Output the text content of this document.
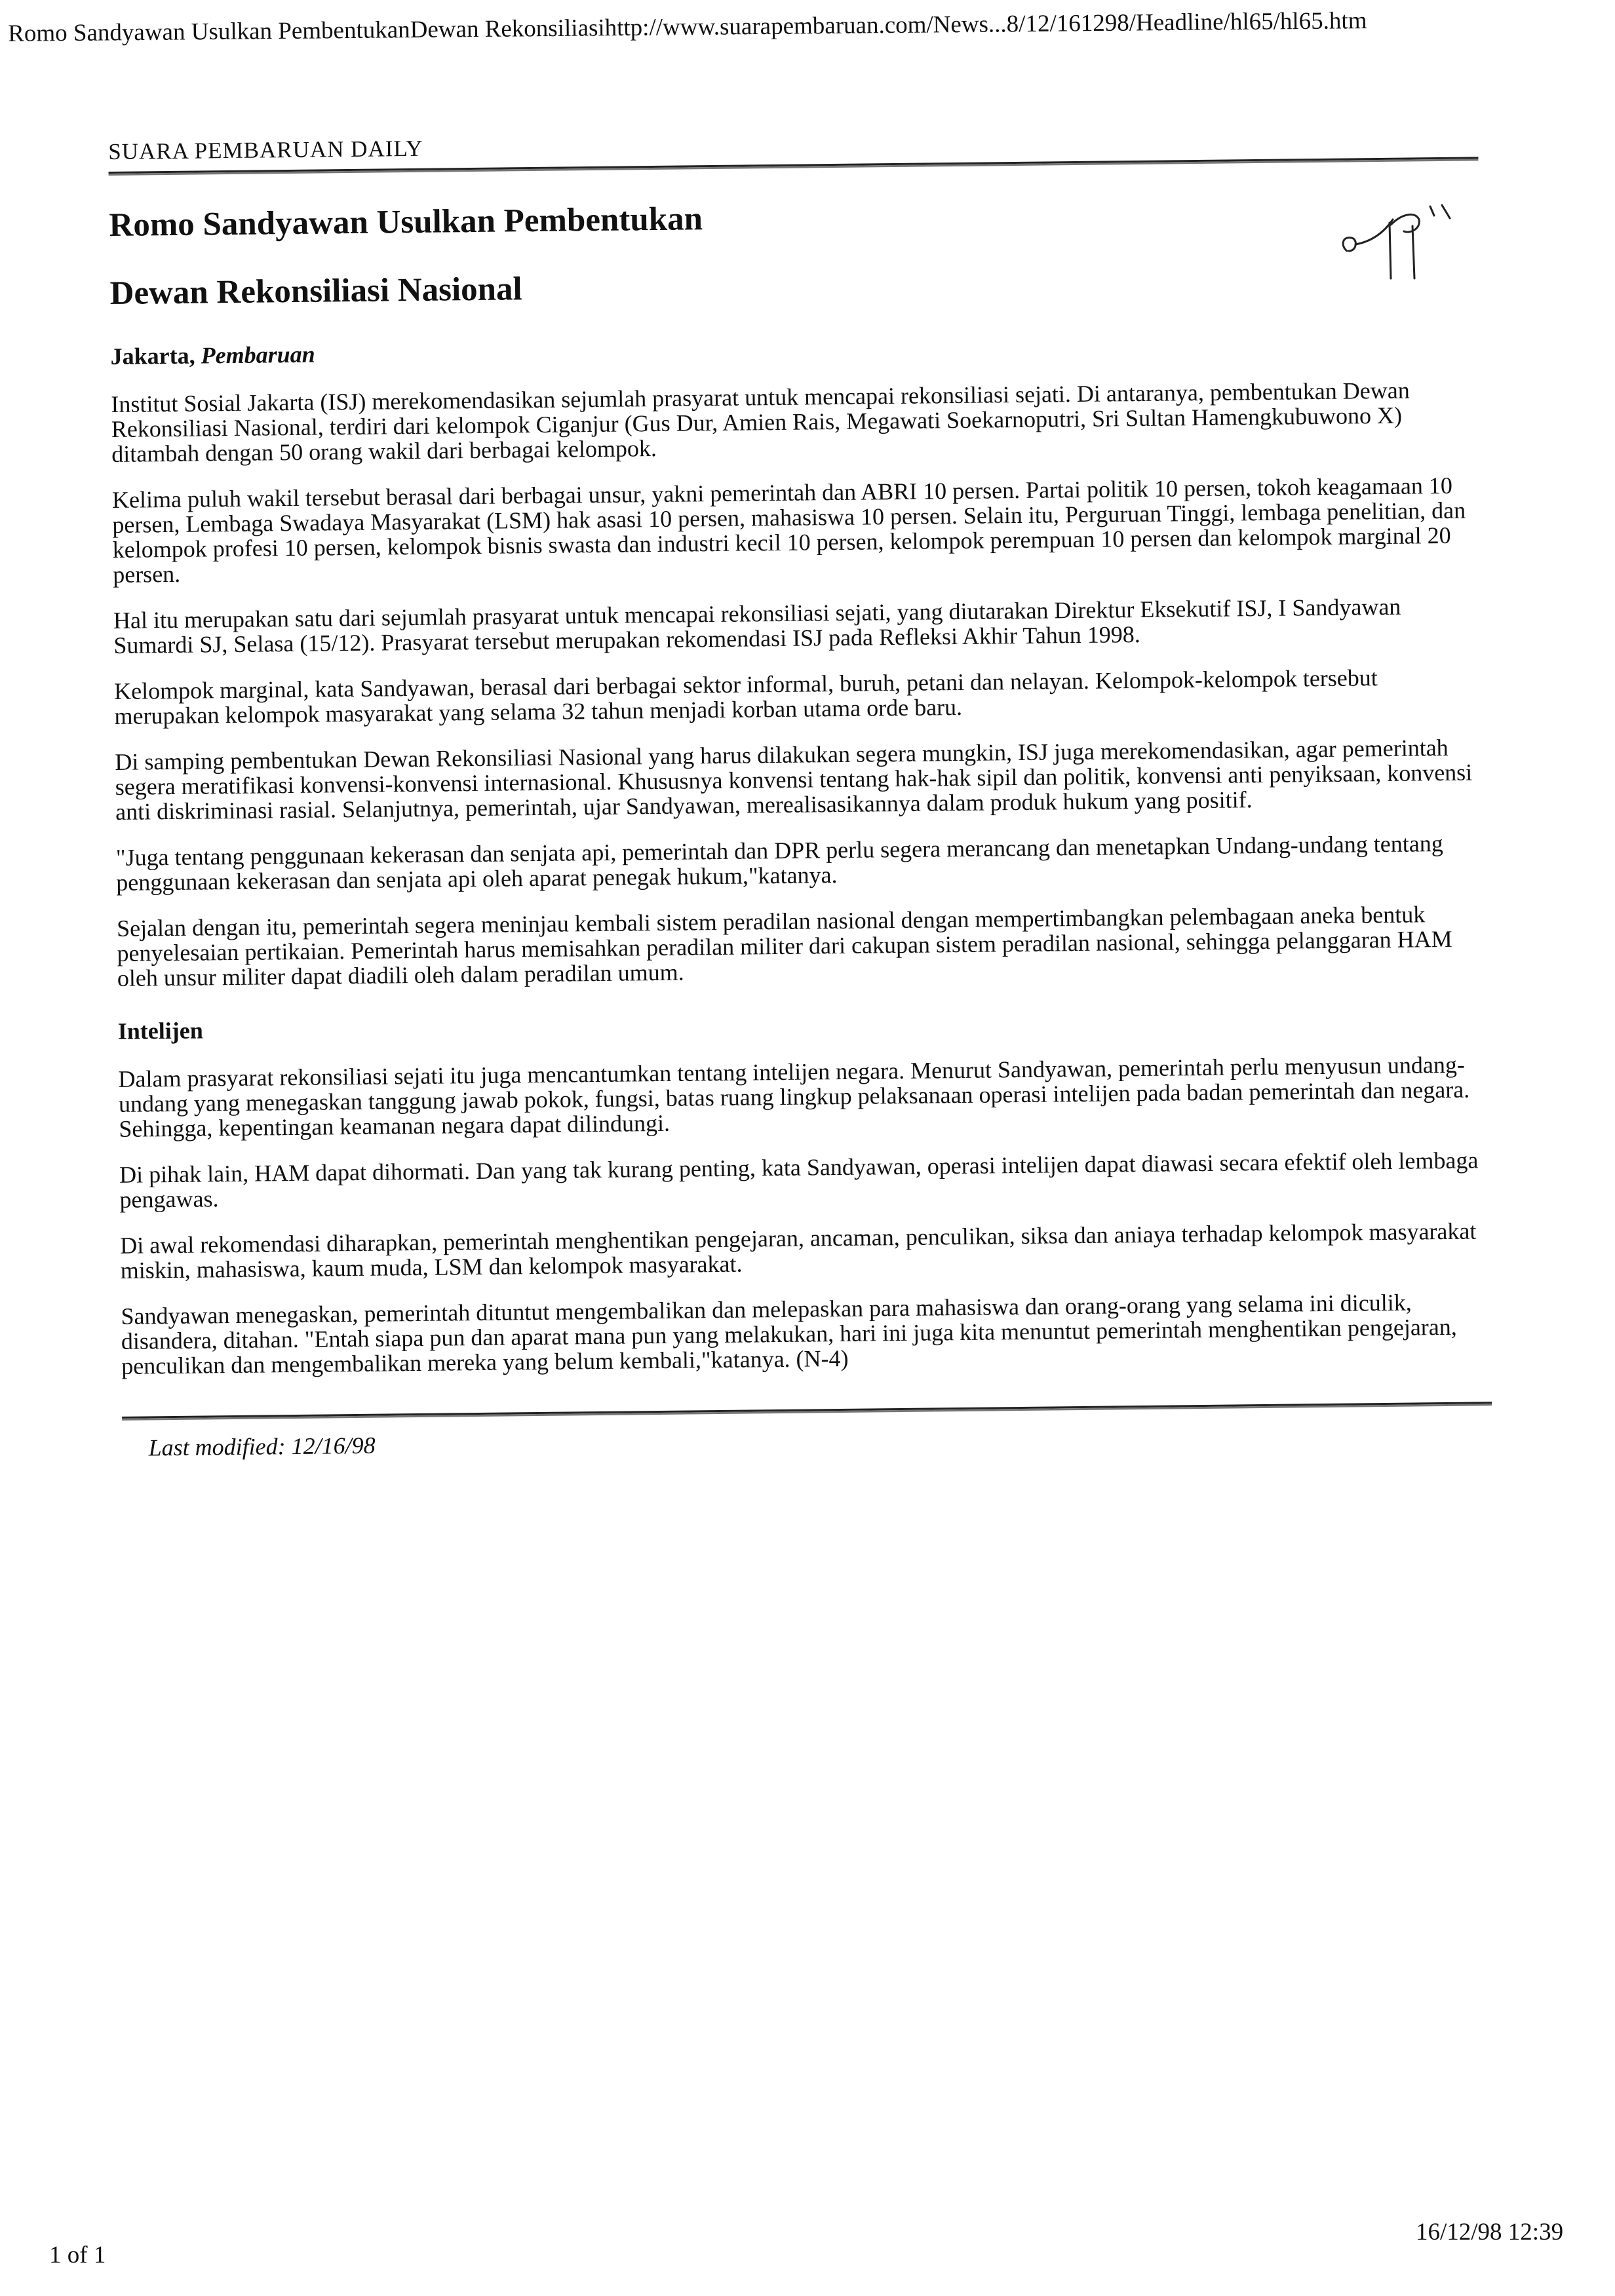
Romo Sandyawan Usulkan PembentukanDewan Rekonsiliasihttp://www.suarapembaruan.com/News...8/12/161298/Headline/hl65/hl65.htm
SUARA PEMBARUAN DAILY
Romo Sandyawan Usulkan Pembentukan
Dewan Rekonsiliasi Nasional
Jakarta, Pembaruan

Institut Sosial Jakarta (ISJ) merekomendasikan sejumlah prasyarat untuk mencapai rekonsiliasi sejati. Di antaranya, pembentukan Dewan Rekonsiliasi Nasional, terdiri dari kelompok Ciganjur (Gus Dur, Amien Rais, Megawati Soekarnoputri, Sri Sultan Hamengkubuwono X) ditambah dengan 50 orang wakil dari berbagai kelompok.

Kelima puluh wakil tersebut berasal dari berbagai unsur, yakni pemerintah dan ABRI 10 persen. Partai politik 10 persen, tokoh keagamaan 10 persen, Lembaga Swadaya Masyarakat (LSM) hak asasi 10 persen, mahasiswa 10 persen. Selain itu, Perguruan Tinggi, lembaga penelitian, dan kelompok profesi 10 persen, kelompok bisnis swasta dan industri kecil 10 persen, kelompok perempuan 10 persen dan kelompok marginal 20 persen.

Hal itu merupakan satu dari sejumlah prasyarat untuk mencapai rekonsiliasi sejati, yang diutarakan Direktur Eksekutif ISJ, I Sandyawan Sumardi SJ, Selasa (15/12). Prasyarat tersebut merupakan rekomendasi ISJ pada Refleksi Akhir Tahun 1998.

Kelompok marginal, kata Sandyawan, berasal dari berbagai sektor informal, buruh, petani dan nelayan. Kelompok-kelompok tersebut merupakan kelompok masyarakat yang selama 32 tahun menjadi korban utama orde baru.

Di samping pembentukan Dewan Rekonsiliasi Nasional yang harus dilakukan segera mungkin, ISJ juga merekomendasikan, agar pemerintah segera meratifikasi konvensi-konvensi internasional. Khususnya konvensi tentang hak-hak sipil dan politik, konvensi anti penyiksaan, konvensi anti diskriminasi rasial. Selanjutnya, pemerintah, ujar Sandyawan, merealisasikannya dalam produk hukum yang positif.

"Juga tentang penggunaan kekerasan dan senjata api, pemerintah dan DPR perlu segera merancang dan menetapkan Undang-undang tentang penggunaan kekerasan dan senjata api oleh aparat penegak hukum,"katanya.

Sejalan dengan itu, pemerintah segera meninjau kembali sistem peradilan nasional dengan mempertimbangkan pelembagaan aneka bentuk penyelesaian pertikaian. Pemerintah harus memisahkan peradilan militer dari cakupan sistem peradilan nasional, sehingga pelanggaran HAM oleh unsur militer dapat diadili oleh dalam peradilan umum.

Intelijen

Dalam prasyarat rekonsiliasi sejati itu juga mencantumkan tentang intelijen negara. Menurut Sandyawan, pemerintah perlu menyusun undang-undang yang menegaskan tanggung jawab pokok, fungsi, batas ruang lingkup pelaksanaan operasi intelijen pada badan pemerintah dan negara. Sehingga, kepentingan keamanan negara dapat dilindungi.

Di pihak lain, HAM dapat dihormati. Dan yang tak kurang penting, kata Sandyawan, operasi intelijen dapat diawasi secara efektif oleh lembaga pengawas.

Di awal rekomendasi diharapkan, pemerintah menghentikan pengejaran, ancaman, penculikan, siksa dan aniaya terhadap kelompok masyarakat miskin, mahasiswa, kaum muda, LSM dan kelompok masyarakat.

Sandyawan menegaskan, pemerintah dituntut mengembalikan dan melepaskan para mahasiswa dan orang-orang yang selama ini diculik, disandera, ditahan. "Entah siapa pun dan aparat mana pun yang melakukan, hari ini juga kita menuntut pemerintah menghentikan pengejaran, penculikan dan mengembalikan mereka yang belum kembali,"katanya. (N-4)

Last modified: 12/16/98
1 of 1
16/12/98 12:39
